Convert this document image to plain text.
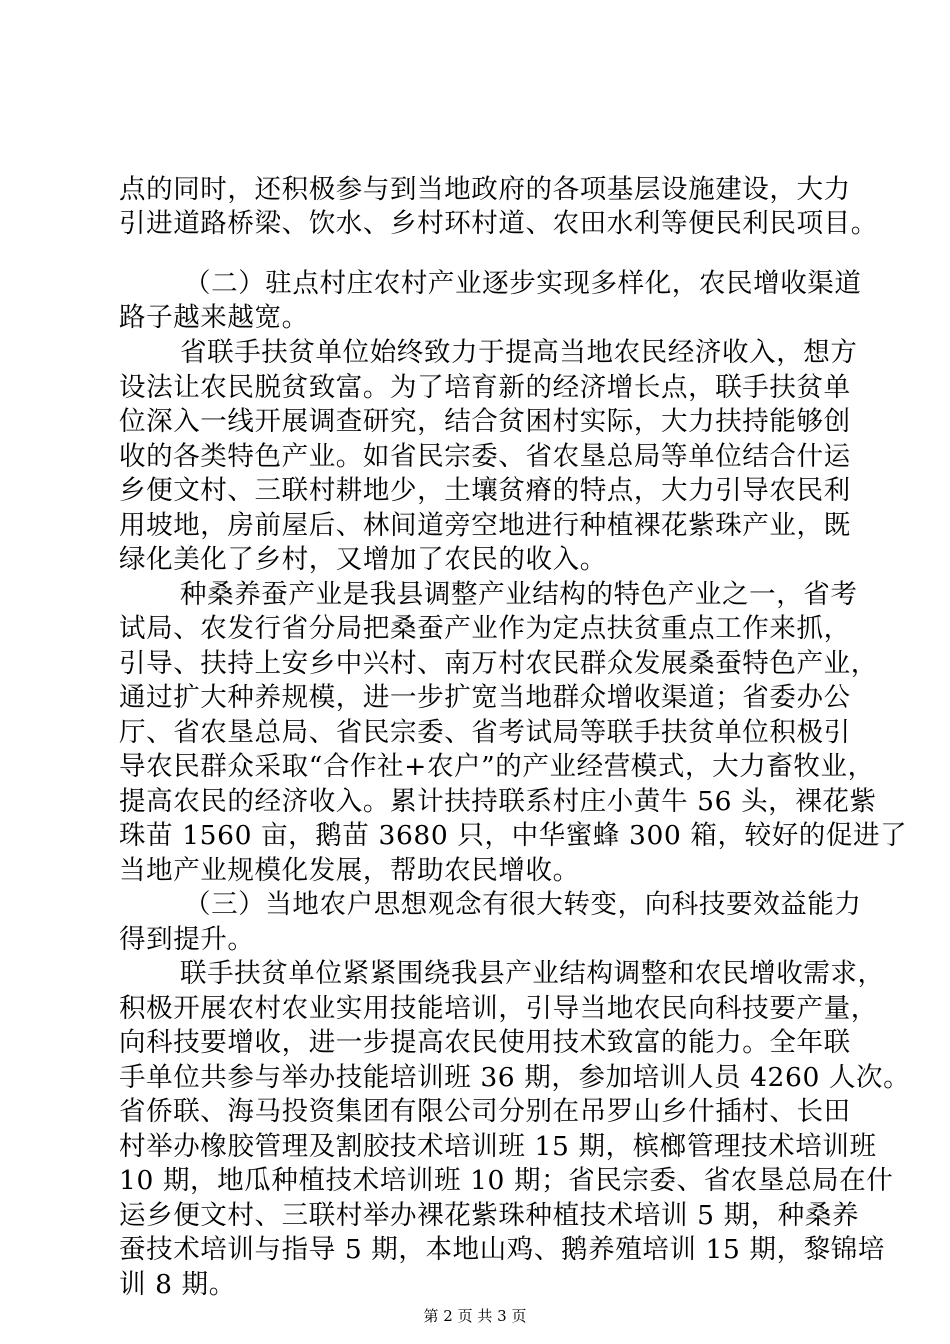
点的同时，还积极参与到当地政府的各项基层设施建设，大力
引进道路桥梁、饮水、乡村环村道、农田水利等便民利民项目。
（二）驻点村庄农村产业逐步实现多样化，农民增收渠道
路子越来越宽。
省联手扶贫单位始终致力于提高当地农民经济收入，想方
设法让农民脱贫致富。为了培育新的经济增长点，联手扶贫单
位深入一线开展调查研究，结合贫困村实际，大力扶持能够创
收的各类特色产业。如省民宗委、省农垦总局等单位结合什运
乡便文村、三联村耕地少，土壤贫瘠的特点，大力引导农民利
用坡地，房前屋后、林间道旁空地进行种植裸花紫珠产业，既
绿化美化了乡村，又增加了农民的收入。
种桑养蚕产业是我县调整产业结构的特色产业之一，省考
试局、农发行省分局把桑蚕产业作为定点扶贫重点工作来抓，
引导、扶持上安乡中兴村、南万村农民群众发展桑蚕特色产业，
通过扩大种养规模，进一步扩宽当地群众增收渠道；省委办公
厅、省农垦总局、省民宗委、省考试局等联手扶贫单位积极引
导农民群众采取“合作社+农户”的产业经营模式，大力畜牧业，
提高农民的经济收入。累计扶持联系村庄小黄牛 56 头，裸花紫
珠苗 1560 亩，鹅苗 3680 只，中华蜜蜂 300 箱，较好的促进了
当地产业规模化发展，帮助农民增收。
（三）当地农户思想观念有很大转变，向科技要效益能力
得到提升。
联手扶贫单位紧紧围绕我县产业结构调整和农民增收需求，
积极开展农村农业实用技能培训，引导当地农民向科技要产量，
向科技要增收，进一步提高农民使用技术致富的能力。全年联
手单位共参与举办技能培训班 36 期，参加培训人员 4260 人次。
省侨联、海马投资集团有限公司分别在吊罗山乡什插村、长田
村举办橡胶管理及割胶技术培训班 15 期，槟榔管理技术培训班
10 期，地瓜种植技术培训班 10 期；省民宗委、省农垦总局在什
运乡便文村、三联村举办裸花紫珠种植技术培训 5 期，种桑养
蚕技术培训与指导 5 期，本地山鸡、鹅养殖培训 15 期，黎锦培
训 8 期。
第 2 页 共 3 页
